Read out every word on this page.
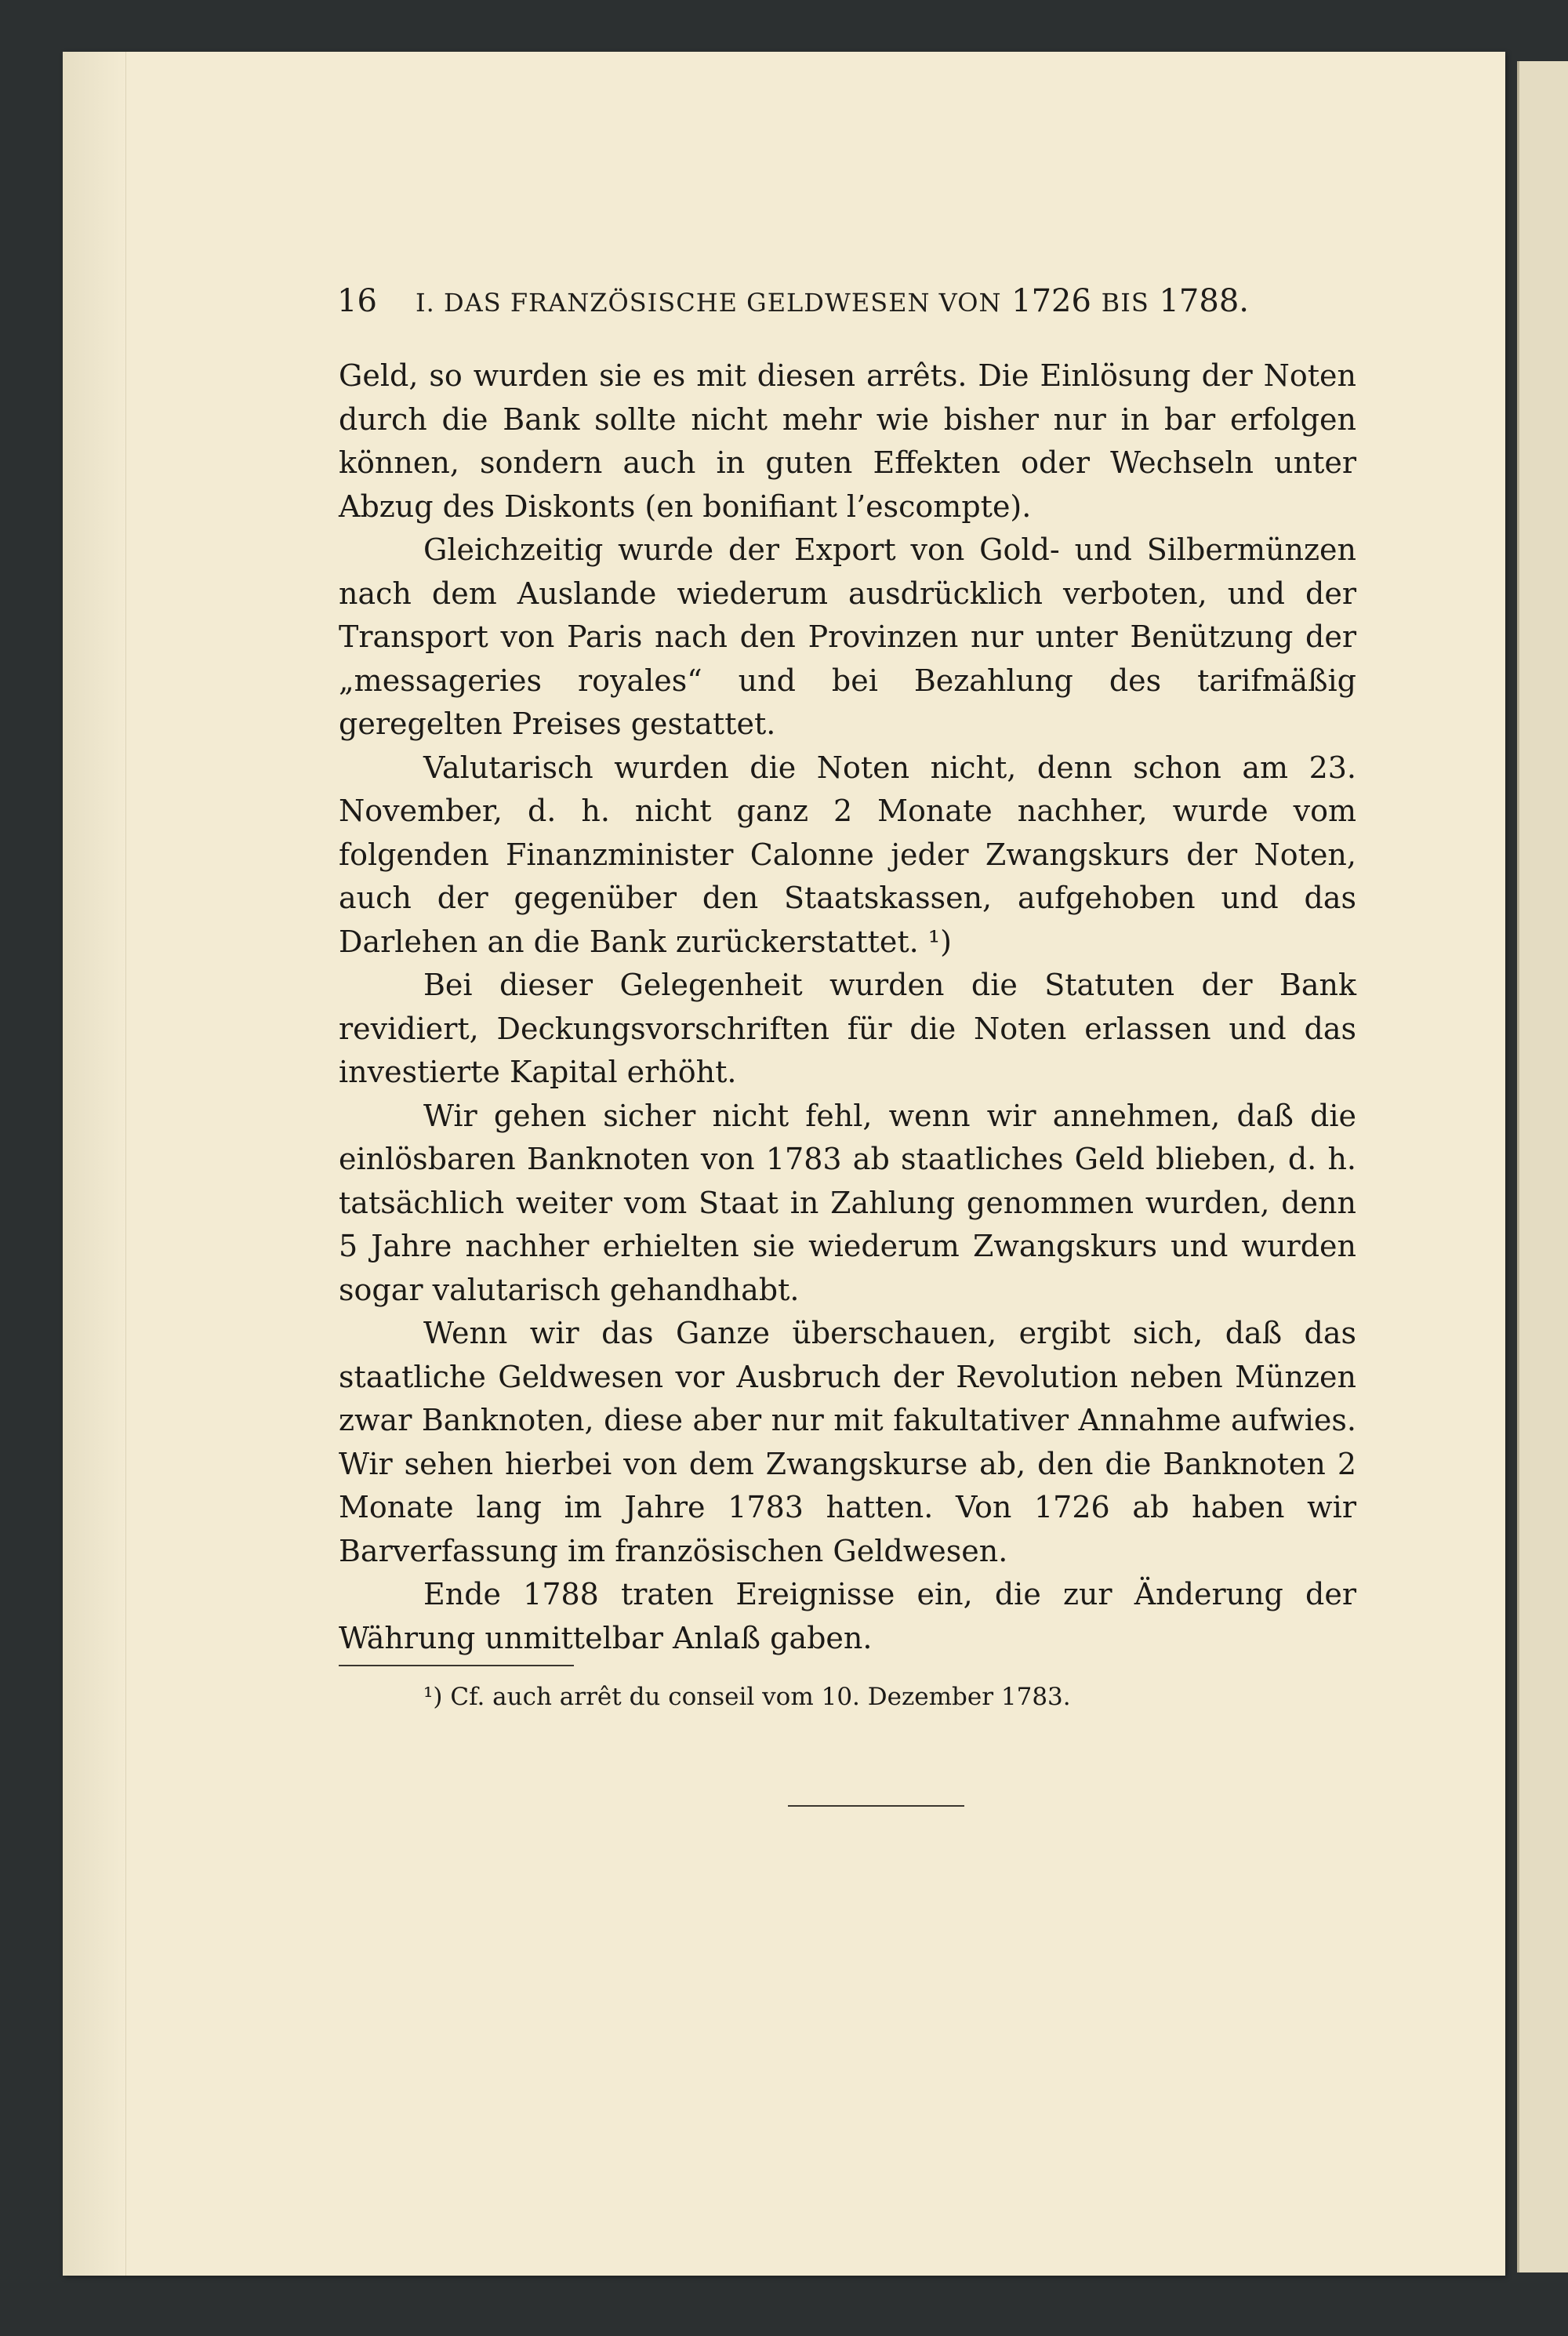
16 I. DAS FRANZÖSISCHE GELDWESEN VON 1726 BIS 1788.

Geld, so wurden sie es mit diesen arrêts. Die Einlösung der Noten durch die Bank sollte nicht mehr wie bisher nur in bar erfolgen können, sondern auch in guten Effekten oder Wechseln unter Abzug des Diskonts (en bonifiant l’escompte).

Gleichzeitig wurde der Export von Gold- und Silbermünzen nach dem Auslande wiederum ausdrücklich verboten, und der Transport von Paris nach den Provinzen nur unter Benützung der „messageries royales“ und bei Bezahlung des tarifmäßig geregelten Preises gestattet.

Valutarisch wurden die Noten nicht, denn schon am 23. November, d. h. nicht ganz 2 Monate nachher, wurde vom folgenden Finanzminister Calonne jeder Zwangskurs der Noten, auch der gegenüber den Staatskassen, aufgehoben und das Darlehen an die Bank zurückerstattet. ¹)

Bei dieser Gelegenheit wurden die Statuten der Bank revidiert, Deckungsvorschriften für die Noten erlassen und das investierte Kapital erhöht.

Wir gehen sicher nicht fehl, wenn wir annehmen, daß die einlösbaren Banknoten von 1783 ab staatliches Geld blieben, d. h. tatsächlich weiter vom Staat in Zahlung genommen wurden, denn 5 Jahre nachher erhielten sie wiederum Zwangskurs und wurden sogar valutarisch gehandhabt.

Wenn wir das Ganze überschauen, ergibt sich, daß das staatliche Geldwesen vor Ausbruch der Revolution neben Münzen zwar Banknoten, diese aber nur mit fakultativer Annahme aufwies. Wir sehen hierbei von dem Zwangskurse ab, den die Banknoten 2 Monate lang im Jahre 1783 hatten. Von 1726 ab haben wir Barverfassung im französischen Geldwesen.

Ende 1788 traten Ereignisse ein, die zur Änderung der Währung unmittelbar Anlaß gaben.

¹) Cf. auch arrêt du conseil vom 10. Dezember 1783.
